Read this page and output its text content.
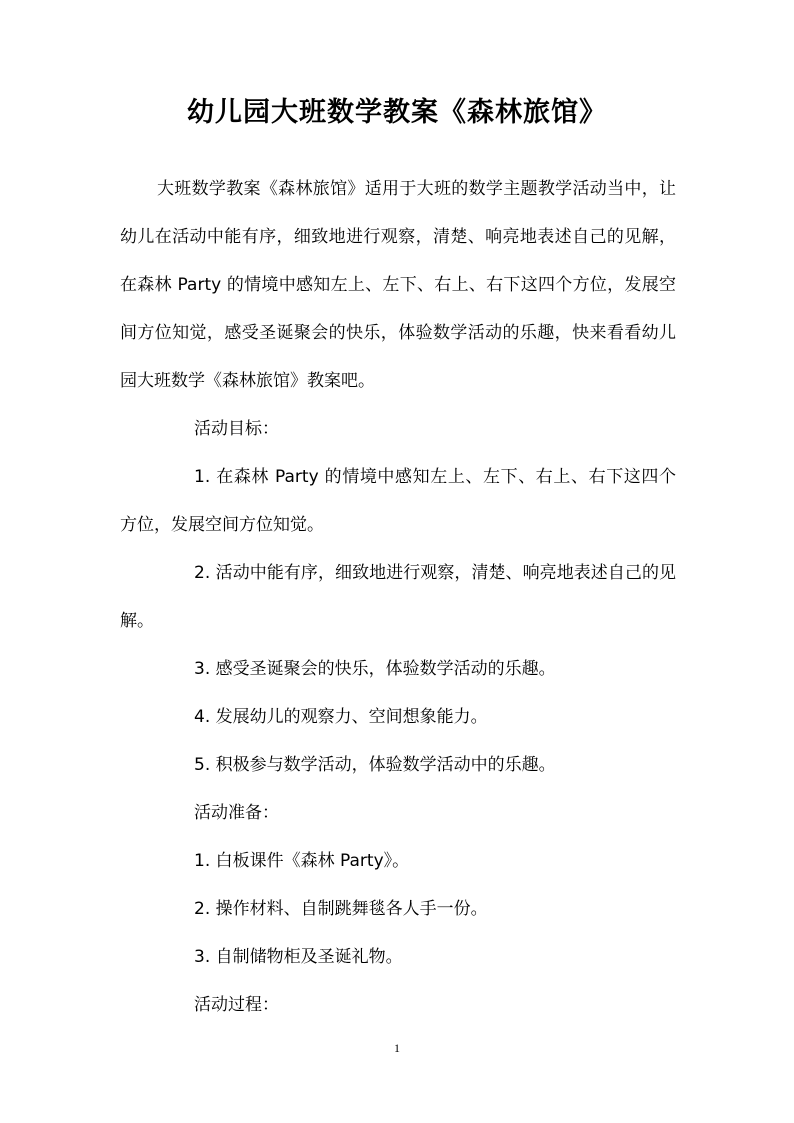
幼儿园大班数学教案《森林旅馆》

大班数学教案《森林旅馆》适用于大班的数学主题教学活动当中，让幼儿在活动中能有序，细致地进行观察，清楚、响亮地表述自己的见解，在森林 Party 的情境中感知左上、左下、右上、右下这四个方位，发展空间方位知觉，感受圣诞聚会的快乐，体验数学活动的乐趣，快来看看幼儿园大班数学《森林旅馆》教案吧。

活动目标：

1. 在森林 Party 的情境中感知左上、左下、右上、右下这四个方位，发展空间方位知觉。

2. 活动中能有序，细致地进行观察，清楚、响亮地表述自己的见解。

3. 感受圣诞聚会的快乐，体验数学活动的乐趣。

4. 发展幼儿的观察力、空间想象能力。

5. 积极参与数学活动，体验数学活动中的乐趣。

活动准备：

1. 白板课件《森林 Party》。

2. 操作材料、自制跳舞毯各人手一份。

3. 自制储物柜及圣诞礼物。

活动过程：

1
